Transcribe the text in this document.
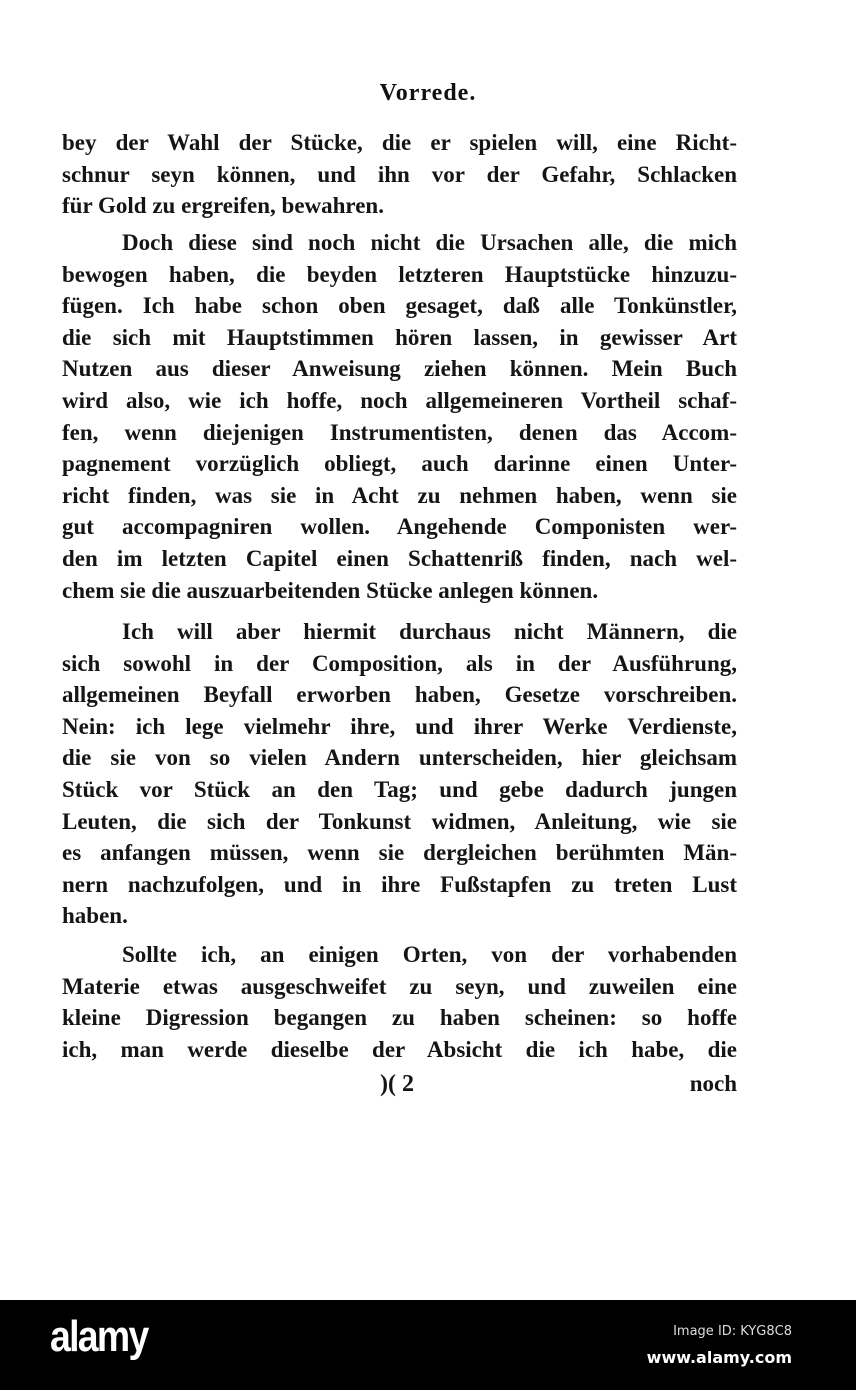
Vorrede.
bey der Wahl der Stücke, die er spielen will, eine Richt-
schnur seyn können, und ihn vor der Gefahr, Schlacken
für Gold zu ergreifen, bewahren.
Doch diese sind noch nicht die Ursachen alle, die mich
bewogen haben, die beyden letzteren Hauptstücke hinzuzu-
fügen. Ich habe schon oben gesaget, daß alle Tonkünstler,
die sich mit Hauptstimmen hören lassen, in gewisser Art
Nutzen aus dieser Anweisung ziehen können. Mein Buch
wird also, wie ich hoffe, noch allgemeineren Vortheil schaf-
fen, wenn diejenigen Instrumentisten, denen das Accom-
pagnement vorzüglich obliegt, auch darinne einen Unter-
richt finden, was sie in Acht zu nehmen haben, wenn sie
gut accompagniren wollen. Angehende Componisten wer-
den im letzten Capitel einen Schattenriß finden, nach wel-
chem sie die auszuarbeitenden Stücke anlegen können.
Ich will aber hiermit durchaus nicht Männern, die
sich sowohl in der Composition, als in der Ausführung,
allgemeinen Beyfall erworben haben, Gesetze vorschreiben.
Nein: ich lege vielmehr ihre, und ihrer Werke Verdienste,
die sie von so vielen Andern unterscheiden, hier gleichsam
Stück vor Stück an den Tag; und gebe dadurch jungen
Leuten, die sich der Tonkunst widmen, Anleitung, wie sie
es anfangen müssen, wenn sie dergleichen berühmten Män-
nern nachzufolgen, und in ihre Fußstapfen zu treten Lust
haben.
Sollte ich, an einigen Orten, von der vorhabenden
Materie etwas ausgeschweifet zu seyn, und zuweilen eine
kleine Digression begangen zu haben scheinen: so hoffe
ich, man werde dieselbe der Absicht die ich habe, die
)( 2	noch
alamy	Image ID: KYG8C8
www.alamy.com
